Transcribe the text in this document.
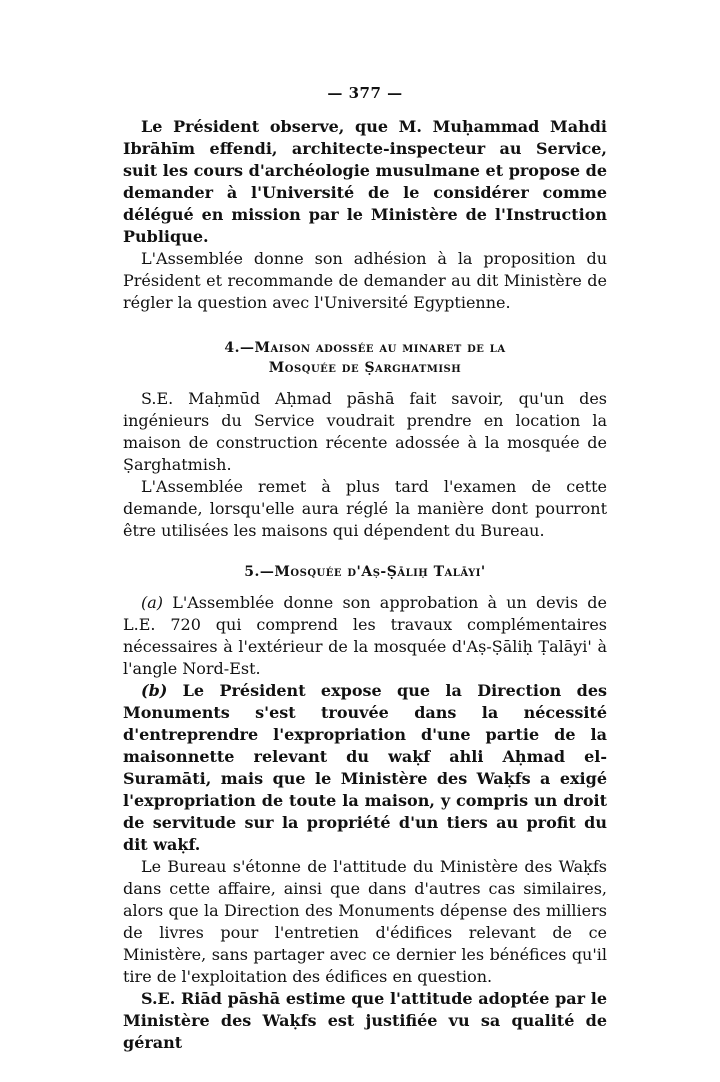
— 377 —

Le Président observe, que M. Muḥammad Mahdi Ibrāhīm effendi, architecte-inspecteur au Service, suit les cours d'archéologie musulmane et propose de demander à l'Université de le considérer comme délégué en mission par le Ministère de l'Instruction Publique.

L'Assemblée donne son adhésion à la proposition du Président et recommande de demander au dit Ministère de régler la question avec l'Université Egyptienne.

4.—Maison adossée au minaret de la
Mosquée de Ṣarghatmish

S.E. Maḥmūd Aḥmad pāshā fait savoir, qu'un des ingénieurs du Service voudrait prendre en location la maison de construction récente adossée à la mosquée de Ṣarghatmish.

L'Assemblée remet à plus tard l'examen de cette demande, lorsqu'elle aura réglé la manière dont pourront être utilisées les maisons qui dépendent du Bureau.

5.—Mosquée d'Aṣ-Ṣāliḥ Talāyi'

(a) L'Assemblée donne son approbation à un devis de L.E. 720 qui comprend les travaux complémentaires nécessaires à l'extérieur de la mosquée d'Aṣ-Ṣāliḥ Ṭalāyi' à l'angle Nord-Est.

(b) Le Président expose que la Direction des Monuments s'est trouvée dans la nécessité d'entreprendre l'expropriation d'une partie de la maisonnette relevant du waḳf ahli Aḥmad el-Suramāti, mais que le Ministère des Waḳfs a exigé l'expropriation de toute la maison, y compris un droit de servitude sur la propriété d'un tiers au profit du dit waḳf.

Le Bureau s'étonne de l'attitude du Ministère des Waḳfs dans cette affaire, ainsi que dans d'autres cas similaires, alors que la Direction des Monuments dépense des milliers de livres pour l'entretien d'édifices relevant de ce Ministère, sans partager avec ce dernier les bénéfices qu'il tire de l'exploitation des édifices en question.

S.E. Riād pāshā estime que l'attitude adoptée par le Ministère des Waḳfs est justifiée vu sa qualité de gérant
